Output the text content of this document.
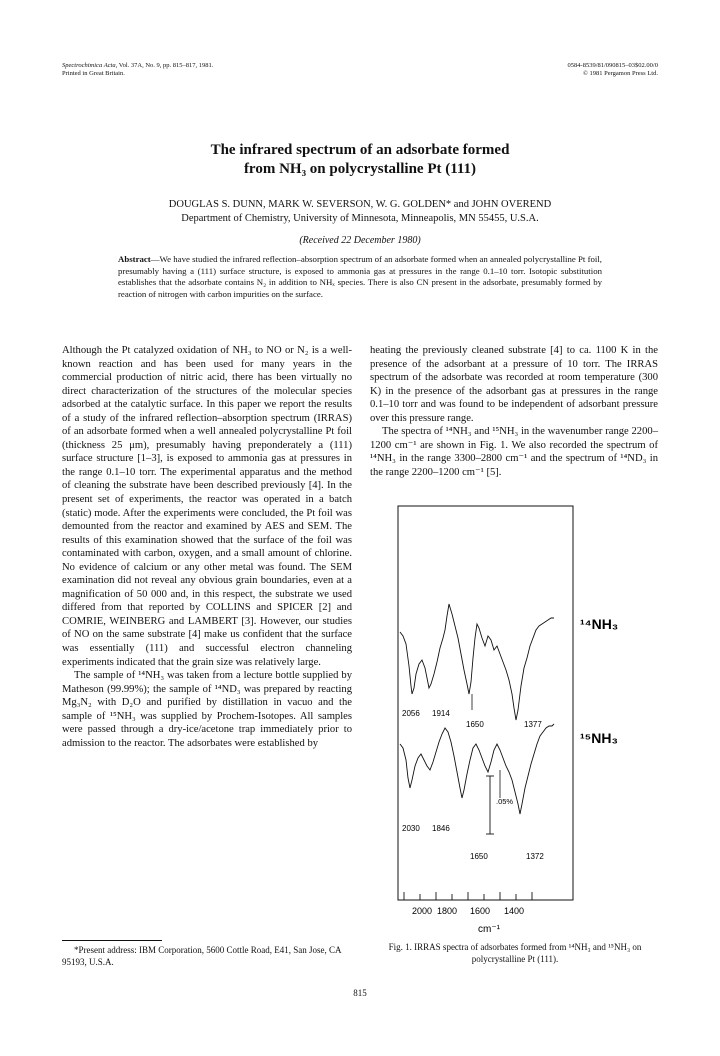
Spectrochimica Acta, Vol. 37A, No. 9, pp. 815–817, 1981.
Printed in Great Britain.
0584-8539/81/090815–03$02.00/0
© 1981 Pergamon Press Ltd.
The infrared spectrum of an adsorbate formed
from NH₃ on polycrystalline Pt (111)
DOUGLAS S. DUNN, MARK W. SEVERSON, W. G. GOLDEN* and JOHN OVEREND
Department of Chemistry, University of Minnesota, Minneapolis, MN 55455, U.S.A.
(Received 22 December 1980)
Abstract—We have studied the infrared reflection–absorption spectrum of an adsorbate formed when an annealed polycrystalline Pt foil, presumably having a (111) surface structure, is exposed to ammonia gas at pressures in the range 0.1–10 torr. Isotopic substitution establishes that the adsorbate contains N₂ in addition to NHₓ species. There is also CN present in the adsorbate, presumably formed by reaction of nitrogen with carbon impurities on the surface.

Although the Pt catalyzed oxidation of NH₃ to NO or N₂ is a well-known reaction and has been used for many years in the commercial production of nitric acid, there has been virtually no direct characterization of the structures of the molecular species adsorbed at the catalytic surface. In this paper we report the results of a study of the infrared reflection–absorption spectrum (IRRAS) of an adsorbate formed when a well annealed polycrystalline Pt foil (thickness 25 μm), presumably having preponderately a (111) surface structure [1–3], is exposed to ammonia gas at pressures in the range 0.1–10 torr. The experimental apparatus and the method of cleaning the substrate have been described previously [4]. In the present set of experiments, the reactor was operated in a batch (static) mode. After the experiments were concluded, the Pt foil was demounted from the reactor and examined by AES and SEM. The results of this examination showed that the surface of the foil was contaminated with carbon, oxygen, and a small amount of chlorine. No evidence of calcium or any other metal was found. The SEM examination did not reveal any obvious grain boundaries, even at a magnification of 50 000 and, in this respect, the substrate we used differed from that reported by COLLINS and SPICER [2] and COMRIE, WEINBERG and LAMBERT [3]. However, our studies of NO on the same substrate [4] make us confident that the surface was essentially (111) and successful electron channeling experiments indicated that the grain size was relatively large.

The sample of ¹⁴NH₃ was taken from a lecture bottle supplied by Matheson (99.99%); the sample of ¹⁴ND₃ was prepared by reacting Mg₃N₂ with D₂O and purified by distillation in vacuo and the sample of ¹⁵NH₃ was supplied by Prochem-Isotopes. All samples were passed through a dry-ice/acetone trap immediately prior to admission to the reactor. The adsorbates were established by

heating the previously cleaned substrate [4] to ca. 1100 K in the presence of the adsorbant at a pressure of 10 torr. The IRRAS spectrum of the adsorbate was recorded at room temperature (300 K) in the presence of the adsorbant gas at pressures in the range 0.1–10 torr and was found to be independent of adsorbant pressure over this pressure range.

The spectra of ¹⁴NH₃ and ¹⁵NH₃ in the wavenumber range 2200–1200 cm⁻¹ are shown in Fig. 1. We also recorded the spectrum of ¹⁴NH₃ in the range 3300–2800 cm⁻¹ and the spectrum of ¹⁴ND₃ in the range 2200–1200 cm⁻¹ [5].

2056 1914
1650	1377
2030 1846
1650	1372
.05%
¹⁴NH₃
¹⁵NH₃
2000 1800 1600 1400
cm⁻¹
*Present address: IBM Corporation, 5600 Cottle Road, E41, San Jose, CA 95193, U.S.A.
Fig. 1. IRRAS spectra of adsorbates formed from ¹⁴NH₃ and ¹⁵NH₃ on polycrystalline Pt (111).
815
